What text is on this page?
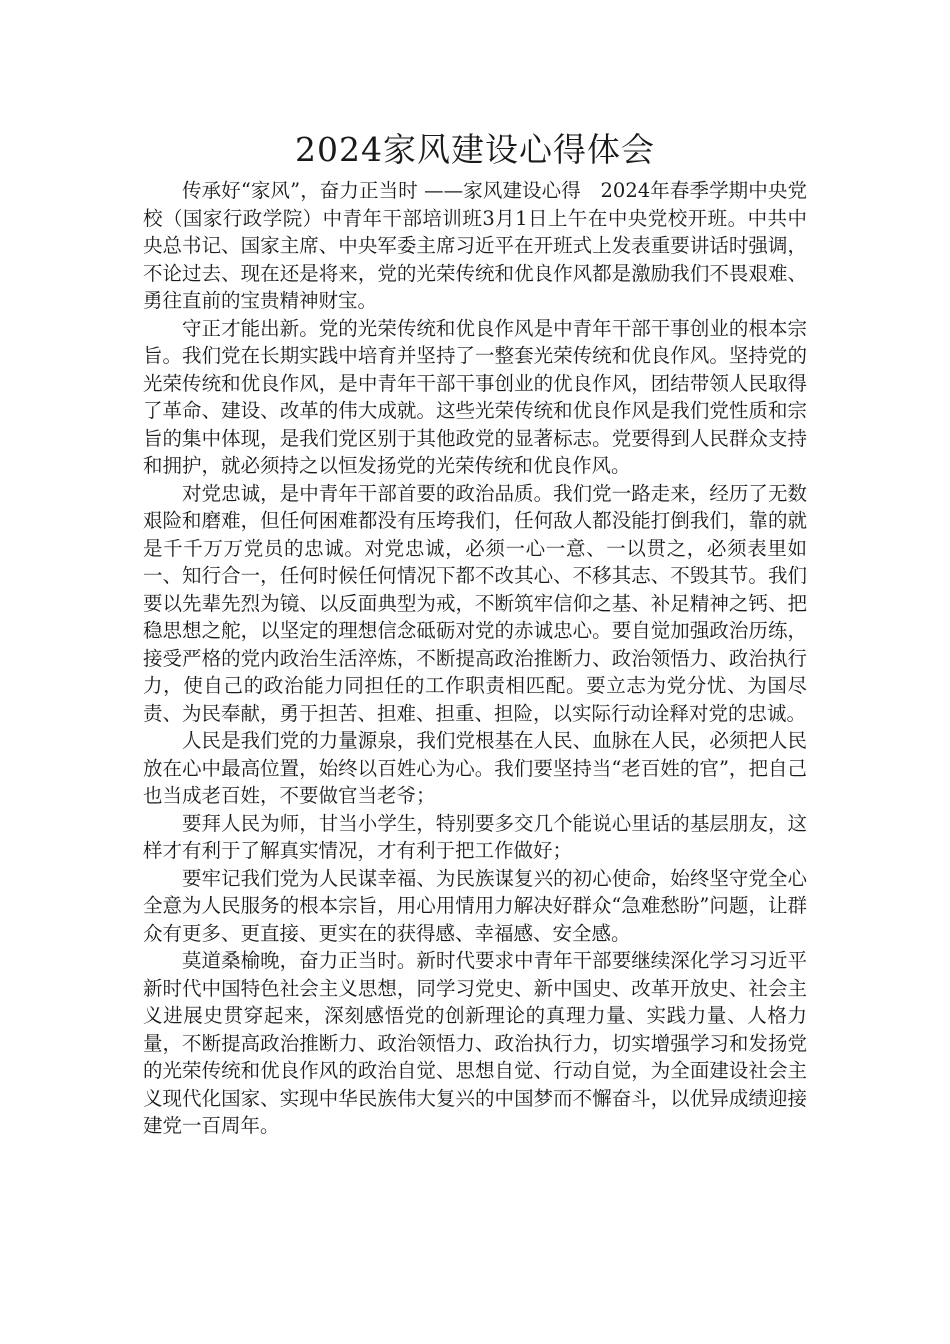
2024家风建设心得体会

传承好“家风”，奋力正当时 ——家风建设心得　2024年春季学期中央党校（国家行政学院）中青年干部培训班3月1日上午在中央党校开班。中共中央总书记、国家主席、中央军委主席习近平在开班式上发表重要讲话时强调，不论过去、现在还是将来，党的光荣传统和优良作风都是激励我们不畏艰难、勇往直前的宝贵精神财宝。

守正才能出新。党的光荣传统和优良作风是中青年干部干事创业的根本宗旨。我们党在长期实践中培育并坚持了一整套光荣传统和优良作风。坚持党的光荣传统和优良作风，是中青年干部干事创业的优良作风，团结带领人民取得了革命、建设、改革的伟大成就。这些光荣传统和优良作风是我们党性质和宗旨的集中体现，是我们党区别于其他政党的显著标志。党要得到人民群众支持和拥护，就必须持之以恒发扬党的光荣传统和优良作风。

对党忠诚，是中青年干部首要的政治品质。我们党一路走来，经历了无数艰险和磨难，但任何困难都没有压垮我们，任何敌人都没能打倒我们，靠的就是千千万万党员的忠诚。对党忠诚，必须一心一意、一以贯之，必须表里如一、知行合一，任何时候任何情况下都不改其心、不移其志、不毁其节。我们要以先辈先烈为镜、以反面典型为戒，不断筑牢信仰之基、补足精神之钙、把稳思想之舵，以坚定的理想信念砥砺对党的赤诚忠心。要自觉加强政治历练，接受严格的党内政治生活淬炼，不断提高政治推断力、政治领悟力、政治执行力，使自己的政治能力同担任的工作职责相匹配。要立志为党分忧、为国尽责、为民奉献，勇于担苦、担难、担重、担险，以实际行动诠释对党的忠诚。

人民是我们党的力量源泉，我们党根基在人民、血脉在人民，必须把人民放在心中最高位置，始终以百姓心为心。我们要坚持当“老百姓的官”，把自己也当成老百姓，不要做官当老爷；

要拜人民为师，甘当小学生，特别要多交几个能说心里话的基层朋友，这样才有利于了解真实情况，才有利于把工作做好；

要牢记我们党为人民谋幸福、为民族谋复兴的初心使命，始终坚守党全心全意为人民服务的根本宗旨，用心用情用力解决好群众“急难愁盼”问题，让群众有更多、更直接、更实在的获得感、幸福感、安全感。

莫道桑榆晚，奋力正当时。新时代要求中青年干部要继续深化学习习近平新时代中国特色社会主义思想，同学习党史、新中国史、改革开放史、社会主义进展史贯穿起来，深刻感悟党的创新理论的真理力量、实践力量、人格力量，不断提高政治推断力、政治领悟力、政治执行力，切实增强学习和发扬党的光荣传统和优良作风的政治自觉、思想自觉、行动自觉，为全面建设社会主义现代化国家、实现中华民族伟大复兴的中国梦而不懈奋斗，以优异成绩迎接建党一百周年。
